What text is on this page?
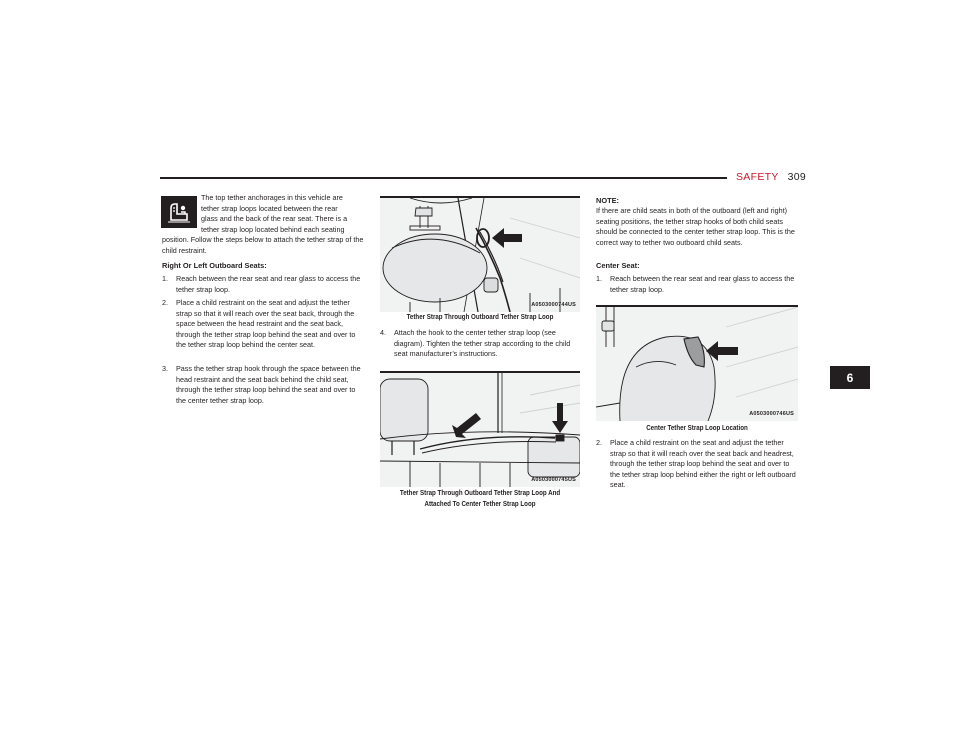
SAFETY 309
The top tether anchorages in this vehicle are
tether strap loops located between the rear
glass and the back of the rear seat. There is a
tether strap loop located behind each seating
position. Follow the steps below to attach the tether strap of the child restraint.
Right Or Left Outboard Seats:
1.	Reach between the rear seat and rear glass to access the tether strap loop.
2.	Place a child restraint on the seat and adjust the tether strap so that it will reach over the seat back, through the space between the head restraint and the seat back, through the tether strap loop behind the seat and over to the tether strap loop behind the center seat.
3.	Pass the tether strap hook through the space between the head restraint and the seat back behind the child seat, through the tether strap loop behind the seat and over to the center tether strap loop.
A0503000744US
Tether Strap Through Outboard Tether Strap Loop
4.	Attach the hook to the center tether strap loop (see diagram). Tighten the tether strap according to the child seat manufacturer’s instructions.
A0503000745US
Tether Strap Through Outboard Tether Strap Loop And
Attached To Center Tether Strap Loop
NOTE:
If there are child seats in both of the outboard (left and right) seating positions, the tether strap hooks of both child seats should be connected to the center tether strap loop. This is the correct way to tether two outboard child seats.
Center Seat:
1.	Reach between the rear seat and rear glass to access the tether strap loop.
A0503000746US
Center Tether Strap Loop Location
2.	Place a child restraint on the seat and adjust the tether strap so that it will reach over the seat back and headrest, through the tether strap loop behind the seat and over to the tether strap loop behind either the right or left outboard seat.
6
